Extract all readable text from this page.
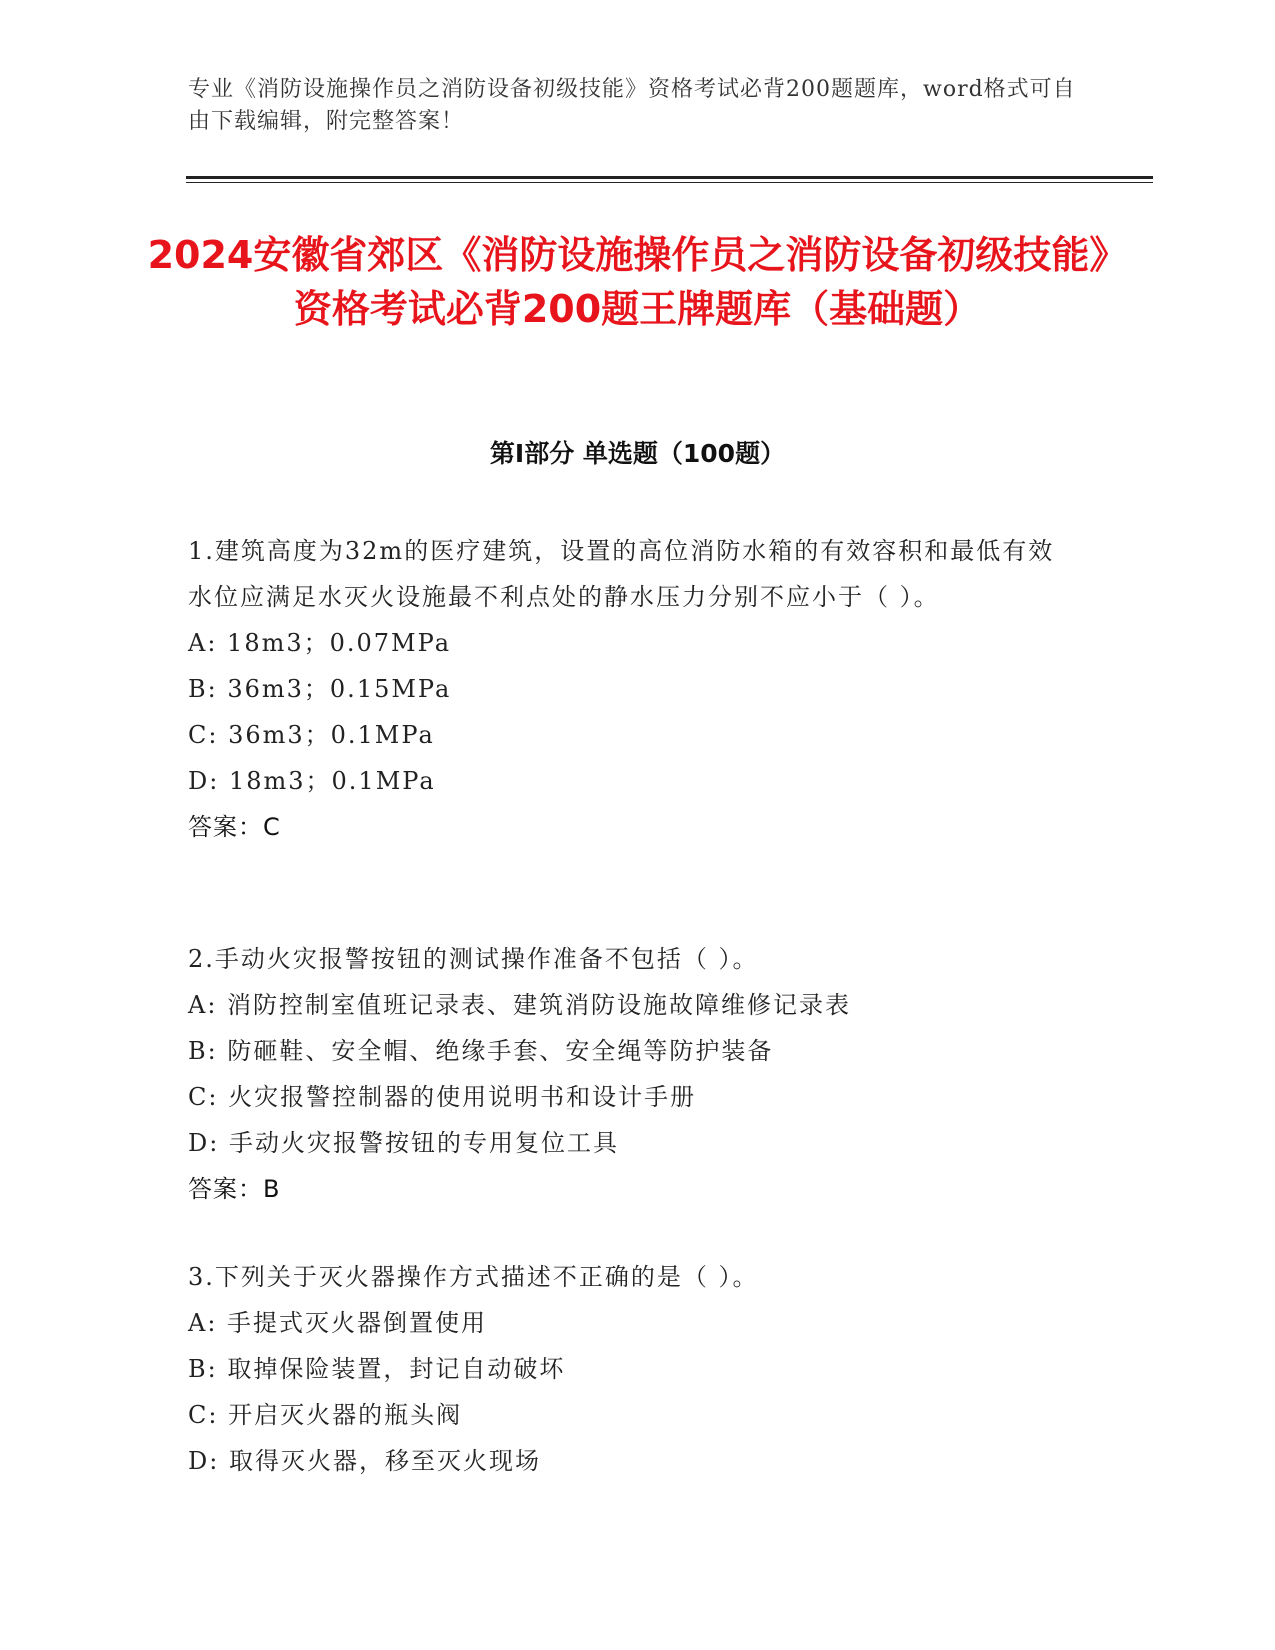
专业《消防设施操作员之消防设备初级技能》资格考试必背200题题库，word格式可自由下载编辑，附完整答案！
2024安徽省郊区《消防设施操作员之消防设备初级技能》资格考试必背200题王牌题库（基础题）
第Ⅰ部分 单选题（100题）

1.建筑高度为32m的医疗建筑，设置的高位消防水箱的有效容积和最低有效水位应满足水灭火设施最不利点处的静水压力分别不应小于（ ）。

A: 18m3；0.07MPa

B: 36m3；0.15MPa

C: 36m3；0.1MPa

D: 18m3；0.1MPa

答案：C

2.手动火灾报警按钮的测试操作准备不包括（ ）。

A: 消防控制室值班记录表、建筑消防设施故障维修记录表

B: 防砸鞋、安全帽、绝缘手套、安全绳等防护装备

C: 火灾报警控制器的使用说明书和设计手册

D: 手动火灾报警按钮的专用复位工具

答案：B

3.下列关于灭火器操作方式描述不正确的是（ ）。

A: 手提式灭火器倒置使用

B: 取掉保险装置，封记自动破坏

C: 开启灭火器的瓶头阀

D: 取得灭火器，移至灭火现场
